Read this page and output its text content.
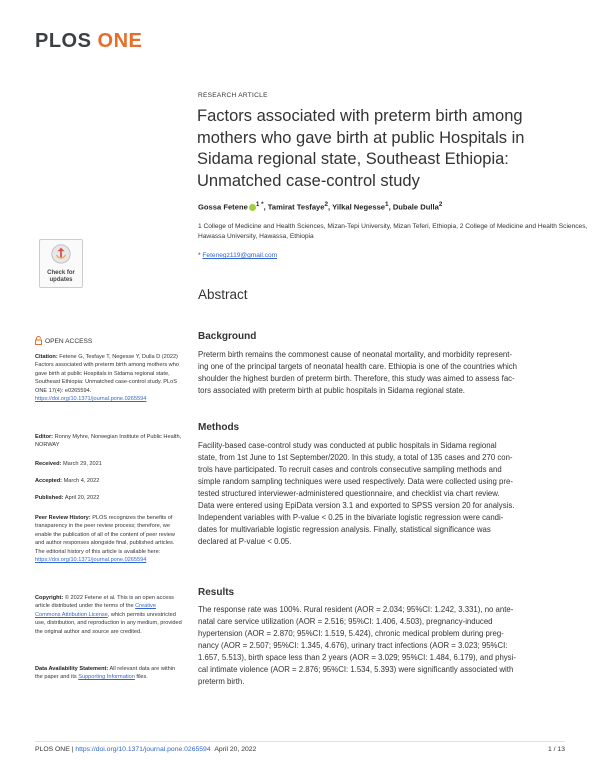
PLOS ONE
RESEARCH ARTICLE
Factors associated with preterm birth among mothers who gave birth at public Hospitals in Sidama regional state, Southeast Ethiopia: Unmatched case-control study
Gossa Fetene $^{1 *}$, Tamirat Tesfaye$^2$, Yilkal Negesse$^1$, Dubale Dulla$^2$
1 College of Medicine and Health Sciences, Mizan-Tepi University, Mizan Teferi, Ethiopia, 2 College of Medicine and Health Sciences, Hawassa University, Hawassa, Ethiopia
* Fetenegz119@gmail.com
Abstract
Background
Preterm birth remains the commonest cause of neonatal mortality, and morbidity represent-
ing one of the principal targets of neonatal health care. Ethiopia is one of the countries which
shoulder the highest burden of preterm birth. Therefore, this study was aimed to assess fac-
tors associated with preterm birth at public hospitals in Sidama regional state.
Methods
Facility-based case-control study was conducted at public hospitals in Sidama regional
state, from 1st June to 1st September/2020. In this study, a total of 135 cases and 270 con-
trols have participated. To recruit cases and controls consecutive sampling methods and
simple random sampling techniques were used respectively. Data were collected using pre-
tested structured interviewer-administered questionnaire, and checklist via chart review.
Data were entered using EpiData version 3.1 and exported to SPSS version 20 for analysis.
Independent variables with P-value < 0.25 in the bivariate logistic regression were candi-
dates for multivariable logistic regression analysis. Finally, statistical significance was
declared at P-value < 0.05.
Results
The response rate was 100%. Rural resident (AOR = 2.034; 95%CI: 1.242, 3.331), no ante-
natal care service utilization (AOR = 2.516; 95%CI: 1.406, 4.503), pregnancy-induced
hypertension (AOR = 2.870; 95%CI: 1.519, 5.424), chronic medical problem during preg-
nancy (AOR = 2.507; 95%CI: 1.345, 4.676), urinary tract infections (AOR = 3.023; 95%CI:
1.657, 5.513), birth space less than 2 years (AOR = 3.029; 95%CI: 1.484, 6.179), and physi-
cal intimate violence (AOR = 2.876; 95%CI: 1.534, 5.393) were significantly associated with
preterm birth.
Check for
updates
OPEN ACCESS
Citation: Fetene G, Tesfaye T, Negesse Y, Dulla D (2022) Factors associated with preterm birth among mothers who gave birth at public Hospitals in Sidama regional state, Southeast Ethiopia: Unmatched case-control study. PLoS ONE 17(4): e0265594. https://doi.org/10.1371/journal.pone.0265594
Editor: Ronny Myhre, Norwegian Institute of Public Health, NORWAY
Received: March 29, 2021
Accepted: March 4, 2022
Published: April 20, 2022
Peer Review History: PLOS recognizes the benefits of transparency in the peer review process; therefore, we enable the publication of all of the content of peer review and author responses alongside final, published articles. The editorial history of this article is available here: https://doi.org/10.1371/journal.pone.0265594
Copyright: © 2022 Fetene et al. This is an open access article distributed under the terms of the Creative Commons Attribution License, which permits unrestricted use, distribution, and reproduction in any medium, provided the original author and source are credited.
Data Availability Statement: All relevant data are within the paper and its Supporting Information files.
PLOS ONE | https://doi.org/10.1371/journal.pone.0265594 April 20, 2022	1 / 13
